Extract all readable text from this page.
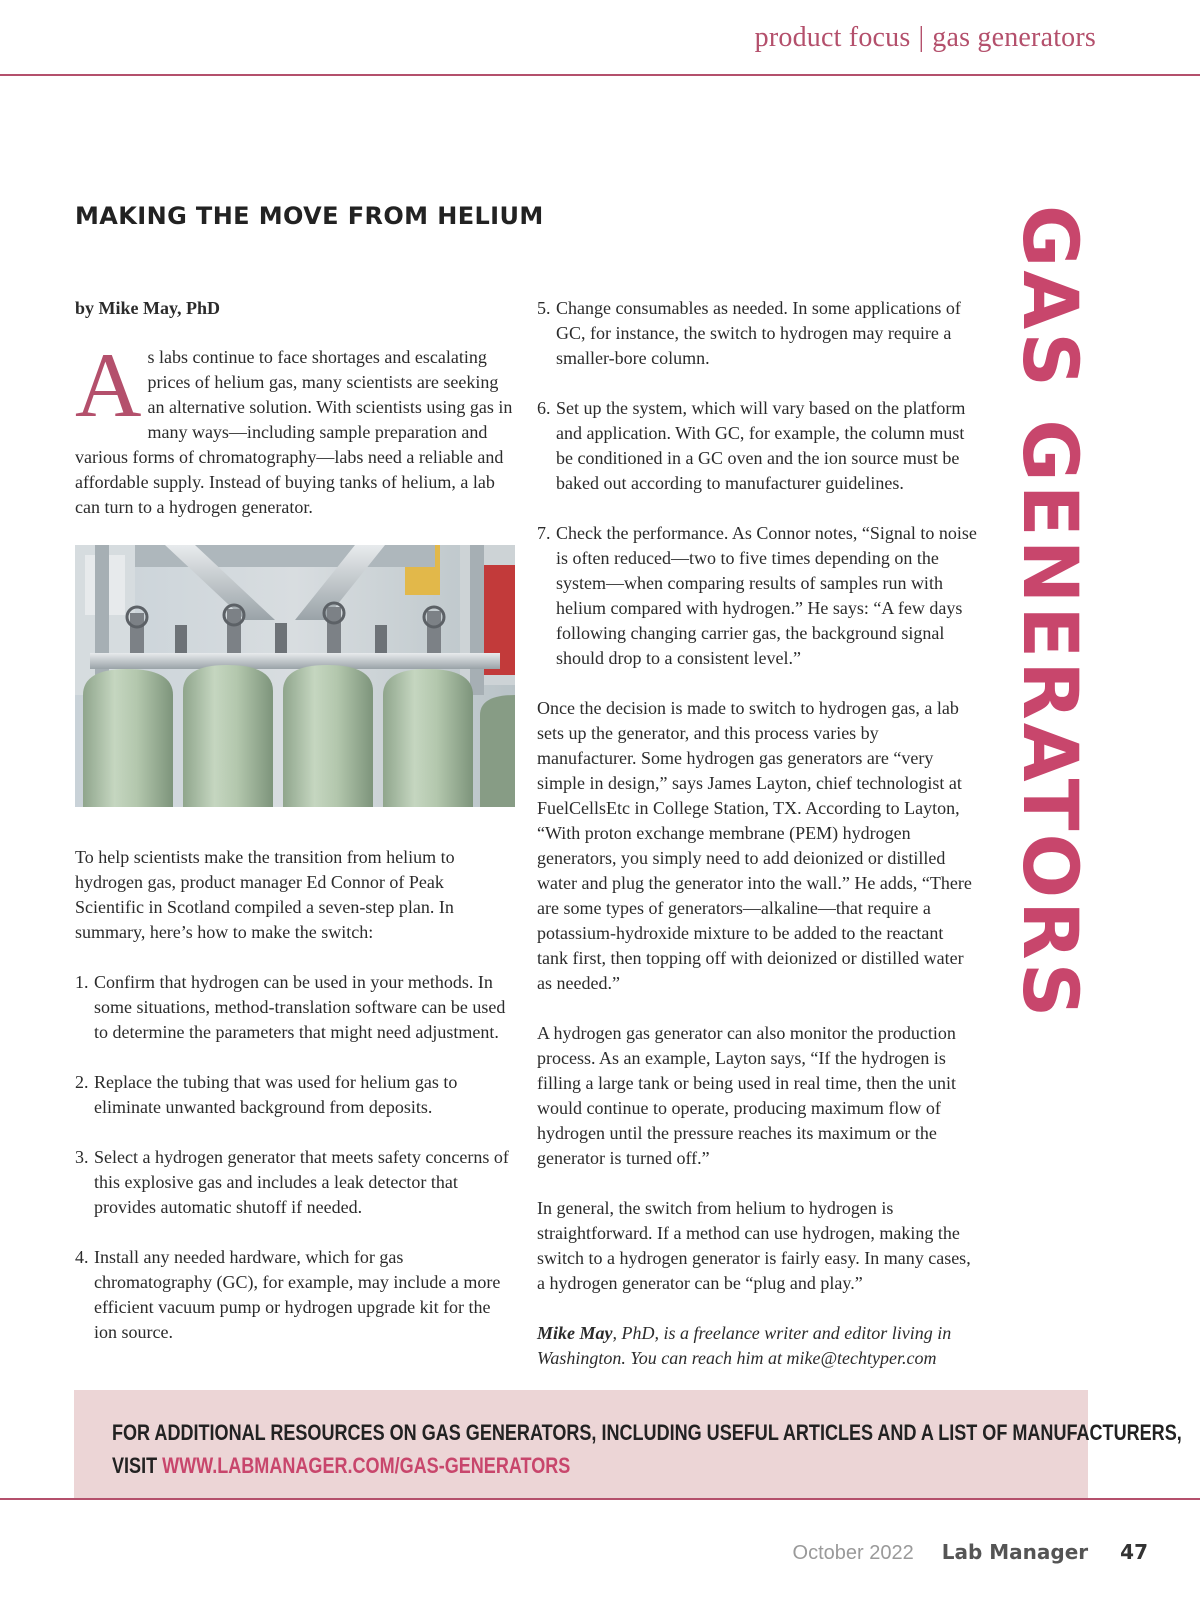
product focus | gas generators
MAKING THE MOVE FROM HELIUM	GAS GENERATORS

by Mike May, PhD

As labs continue to face shortages and escalating prices of helium gas, many scientists are seeking an alternative solution. With scientists using gas in many ways—including sample preparation and various forms of chromatography—labs need a reliable and affordable supply. Instead of buying tanks of helium, a lab can turn to a hydrogen generator.

To help scientists make the transition from helium to hydrogen gas, product manager Ed Connor of Peak Scientific in Scotland compiled a seven-step plan. In summary, here’s how to make the switch:

1. Confirm that hydrogen can be used in your methods. In some situations, method-translation software can be used to determine the parameters that might need adjustment.
2. Replace the tubing that was used for helium gas to eliminate unwanted background from deposits.
3. Select a hydrogen generator that meets safety concerns of this explosive gas and includes a leak detector that provides automatic shutoff if needed.
4. Install any needed hardware, which for gas chromatography (GC), for example, may include a more efficient vacuum pump or hydrogen upgrade kit for the ion source.
5. Change consumables as needed. In some applications of GC, for instance, the switch to hydrogen may require a smaller-bore column.
6. Set up the system, which will vary based on the platform and application. With GC, for example, the column must be conditioned in a GC oven and the ion source must be baked out according to manufacturer guidelines.
7. Check the performance. As Connor notes, “Signal to noise is often reduced—two to five times depending on the system—when comparing results of samples run with helium compared with hydrogen.” He says: “A few days following changing carrier gas, the background signal should drop to a consistent level.”

Once the decision is made to switch to hydrogen gas, a lab sets up the generator, and this process varies by manufacturer. Some hydrogen gas generators are “very simple in design,” says James Layton, chief technologist at FuelCellsEtc in College Station, TX. According to Layton, “With proton exchange membrane (PEM) hydrogen generators, you simply need to add deionized or distilled water and plug the generator into the wall.” He adds, “There are some types of generators—alkaline—that require a potassium-hydroxide mixture to be added to the reactant tank first, then topping off with deionized or distilled water as needed.”

A hydrogen gas generator can also monitor the production process. As an example, Layton says, “If the hydrogen is filling a large tank or being used in real time, then the unit would continue to operate, producing maximum flow of hydrogen until the pressure reaches its maximum or the generator is turned off.”

In general, the switch from helium to hydrogen is straightforward. If a method can use hydrogen, making the switch to a hydrogen generator is fairly easy. In many cases, a hydrogen generator can be “plug and play.”

Mike May, PhD, is a freelance writer and editor living in Washington. You can reach him at mike@techtyper.com

FOR ADDITIONAL RESOURCES ON GAS GENERATORS, INCLUDING USEFUL ARTICLES AND A LIST OF MANUFACTURERS,
VISIT WWW.LABMANAGER.COM/GAS-GENERATORS
October 2022 Lab Manager 47
